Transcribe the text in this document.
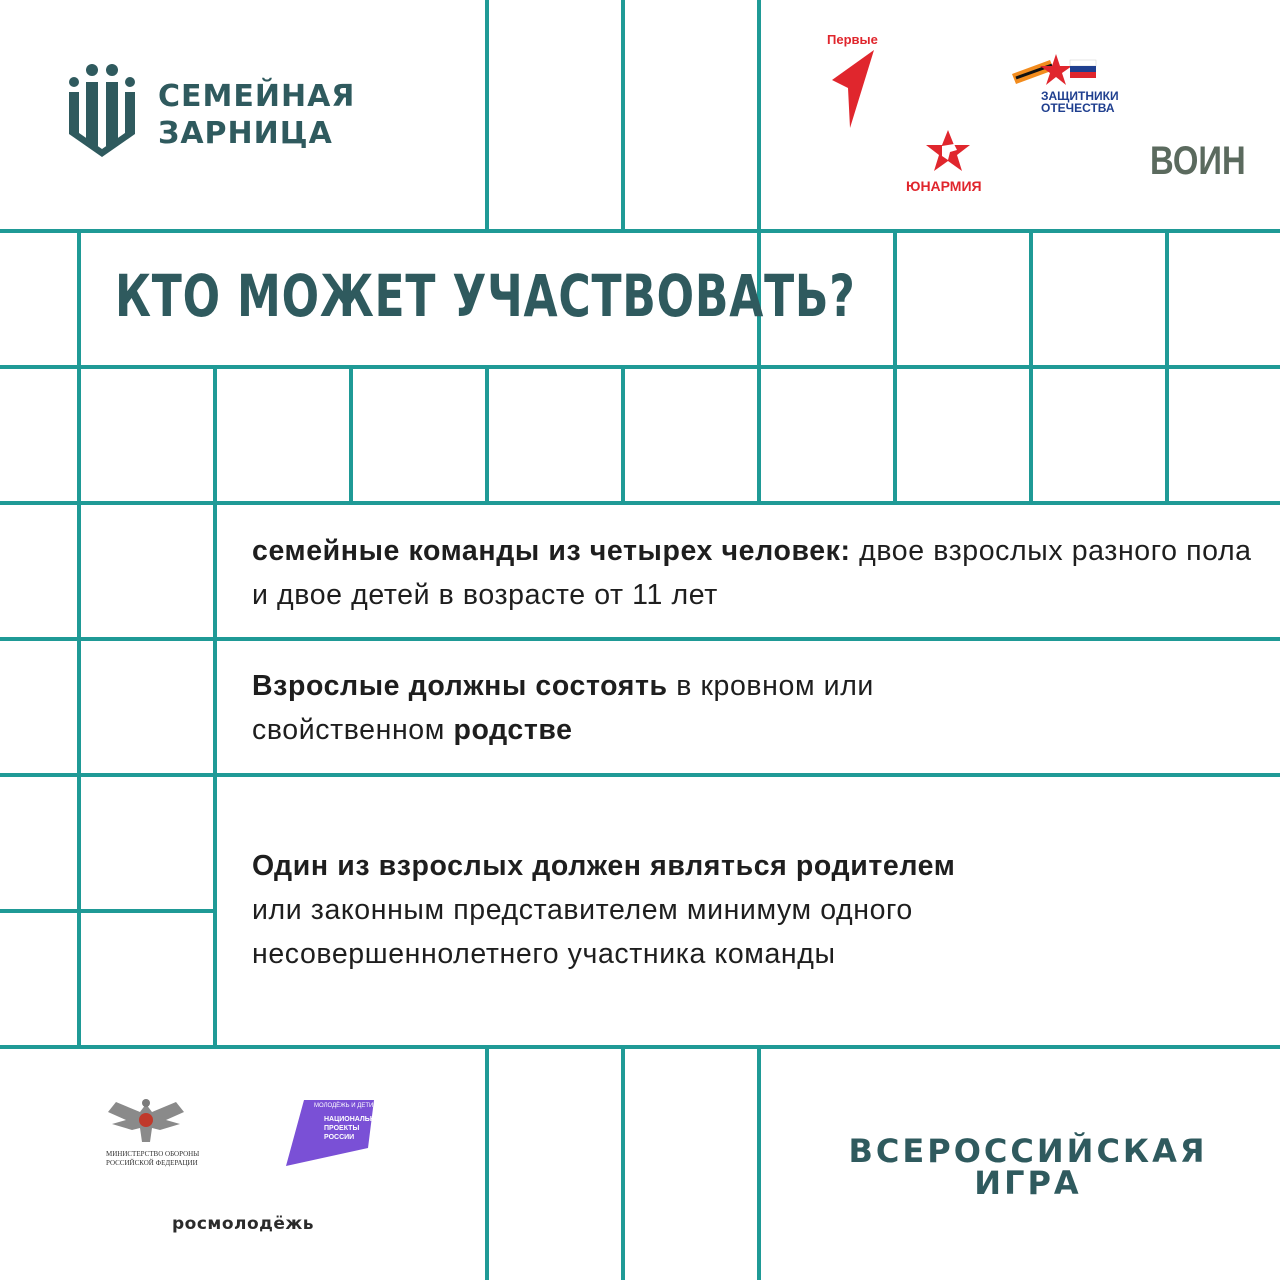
СЕМЕЙНАЯ
ЗАРНИЦА
Первые
ЗАЩИТНИКИ
ОТЕЧЕСТВА
ЮНАРМИЯ
ВОИН
КТО МОЖЕТ УЧАСТВОВАТЬ?
семейные команды из четырех человек: двое взрослых разного пола и двое детей в возрасте от 11 лет
Взрослые должны состоять в кровном или свойственном родстве
Один из взрослых должен являться родителем
или законным представителем минимум одного несовершеннолетнего участника команды
МИНИСТЕРСТВО ОБОРОНЫ
РОССИЙСКОЙ ФЕДЕРАЦИИ
МОЛОДЁЖЬ И ДЕТИ
НАЦИОНАЛЬНЫЕ
ПРОЕКТЫ
РОССИИ
росмолодёжь
ВСЕРОССИЙСКАЯ
ИГРА
